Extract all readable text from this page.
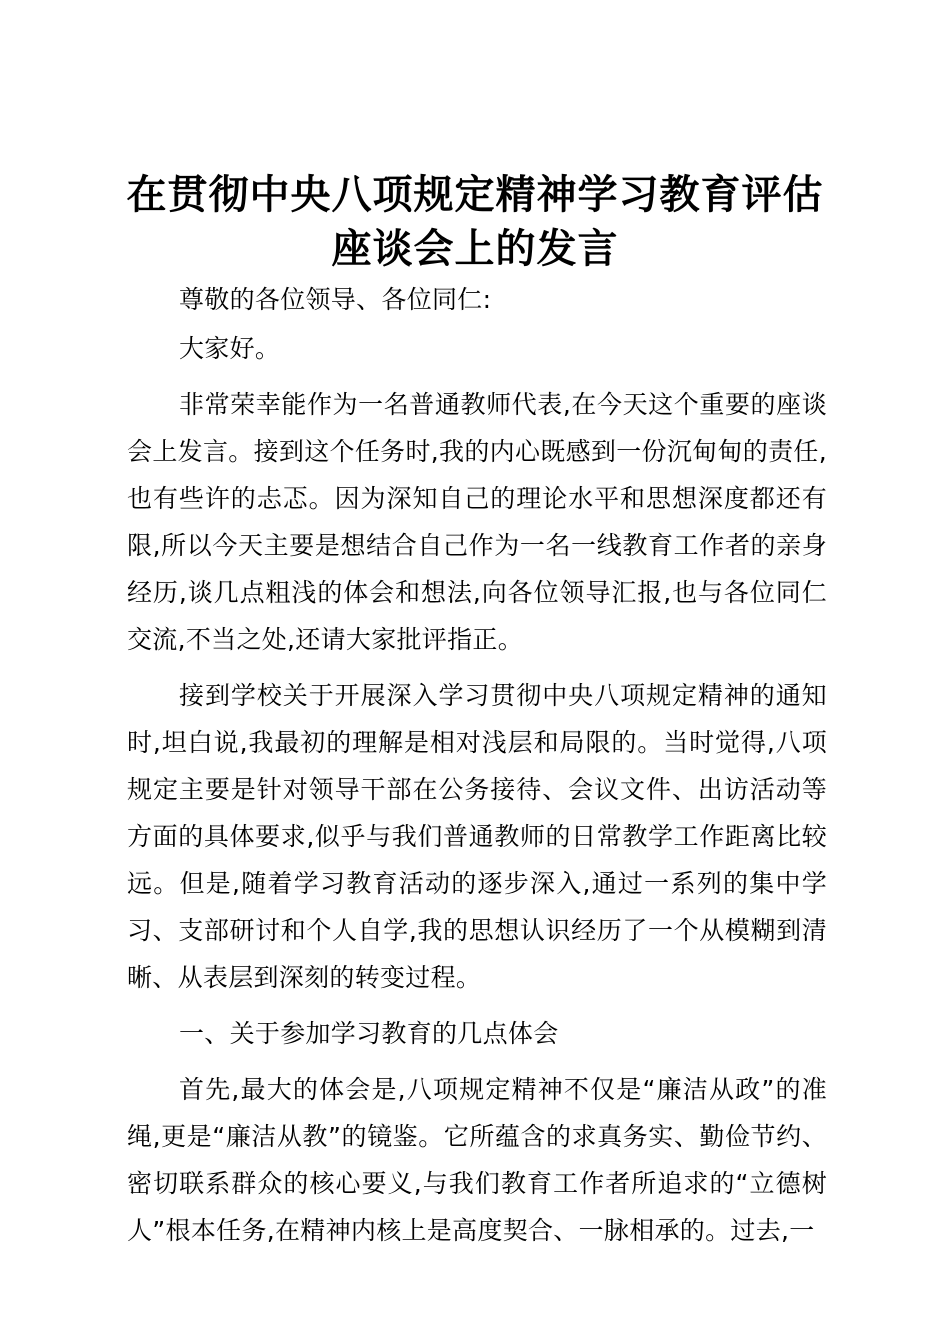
在贯彻中央八项规定精神学习教育评估座谈会上的发言

尊敬的各位领导、各位同仁:

大家好。

非常荣幸能作为一名普通教师代表,在今天这个重要的座谈会上发言。接到这个任务时,我的内心既感到一份沉甸甸的责任,也有些许的忐忑。因为深知自己的理论水平和思想深度都还有限,所以今天主要是想结合自己作为一名一线教育工作者的亲身经历,谈几点粗浅的体会和想法,向各位领导汇报,也与各位同仁交流,不当之处,还请大家批评指正。

接到学校关于开展深入学习贯彻中央八项规定精神的通知时,坦白说,我最初的理解是相对浅层和局限的。当时觉得,八项规定主要是针对领导干部在公务接待、会议文件、出访活动等方面的具体要求,似乎与我们普通教师的日常教学工作距离比较远。但是,随着学习教育活动的逐步深入,通过一系列的集中学习、支部研讨和个人自学,我的思想认识经历了一个从模糊到清晰、从表层到深刻的转变过程。

一、关于参加学习教育的几点体会

首先,最大的体会是,八项规定精神不仅是“廉洁从政”的准绳,更是“廉洁从教”的镜鉴。它所蕴含的求真务实、勤俭节约、密切联系群众的核心要义,与我们教育工作者所追求的“立德树人”根本任务,在精神内核上是高度契合、一脉相承的。过去,一
